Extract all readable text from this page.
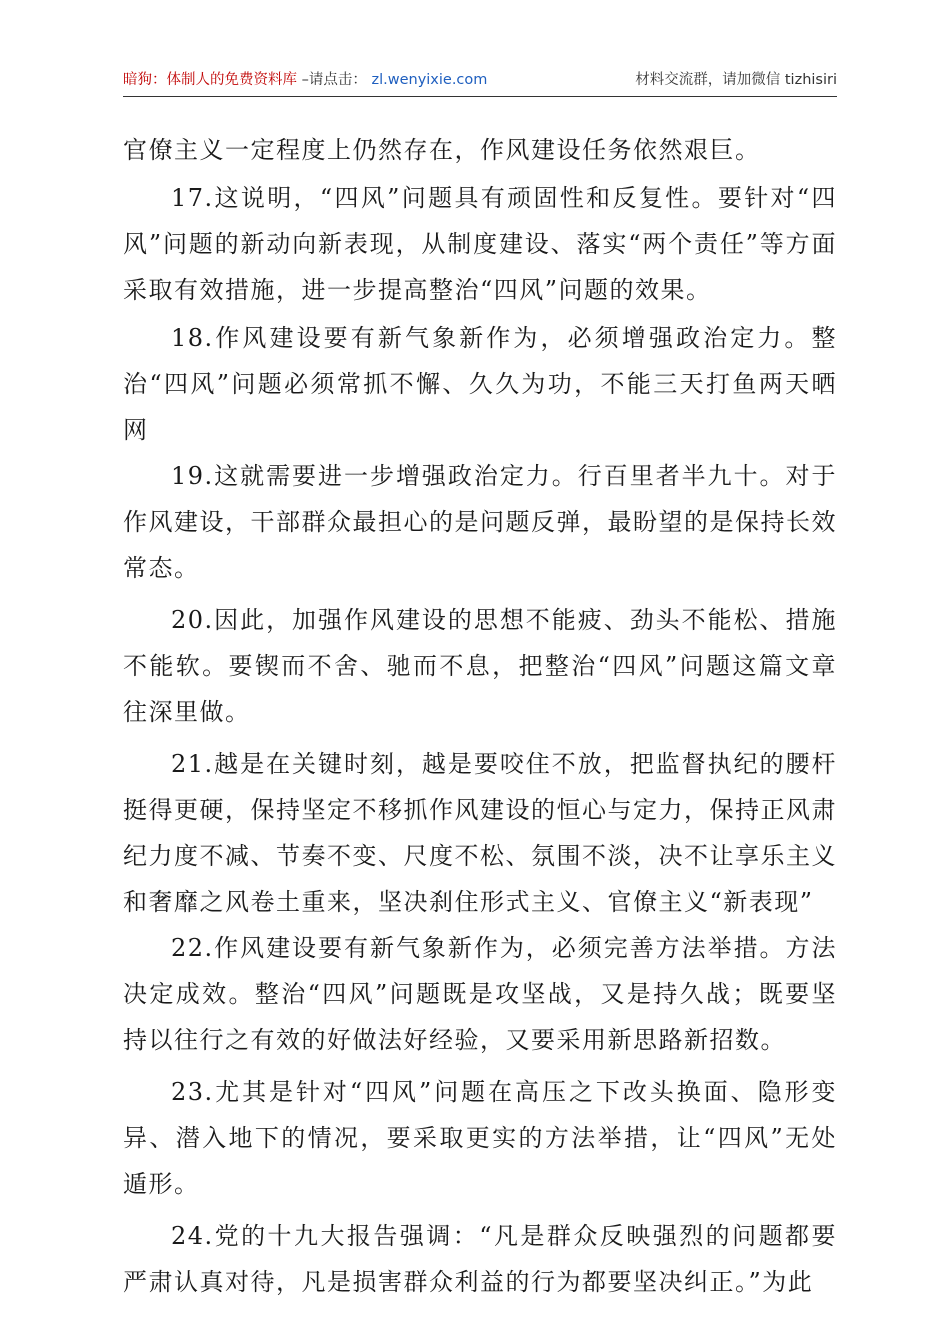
暗狗：体制人的免费资料库 –请点击： zl.wenyixie.com	材料交流群，请加微信 tizhisiri

官僚主义一定程度上仍然存在，作风建设任务依然艰巨。

17.这说明，“四风”问题具有顽固性和反复性。要针对“四风”问题的新动向新表现，从制度建设、落实“两个责任”等方面采取有效措施，进一步提高整治“四风”问题的效果。

18.作风建设要有新气象新作为，必须增强政治定力。整治“四风”问题必须常抓不懈、久久为功，不能三天打鱼两天晒网

19.这就需要进一步增强政治定力。行百里者半九十。对于作风建设，干部群众最担心的是问题反弹，最盼望的是保持长效常态。

20.因此，加强作风建设的思想不能疲、劲头不能松、措施不能软。要锲而不舍、驰而不息，把整治“四风”问题这篇文章往深里做。

21.越是在关键时刻，越是要咬住不放，把监督执纪的腰杆挺得更硬，保持坚定不移抓作风建设的恒心与定力，保持正风肃纪力度不减、节奏不变、尺度不松、氛围不淡，决不让享乐主义和奢靡之风卷土重来，坚决刹住形式主义、官僚主义“新表现”

22.作风建设要有新气象新作为，必须完善方法举措。方法决定成效。整治“四风”问题既是攻坚战，又是持久战；既要坚持以往行之有效的好做法好经验，又要采用新思路新招数。

23.尤其是针对“四风”问题在高压之下改头换面、隐形变异、潜入地下的情况，要采取更实的方法举措，让“四风”无处遁形。

24.党的十九大报告强调：“凡是群众反映强烈的问题都要严肃认真对待，凡是损害群众利益的行为都要坚决纠正。”为此
